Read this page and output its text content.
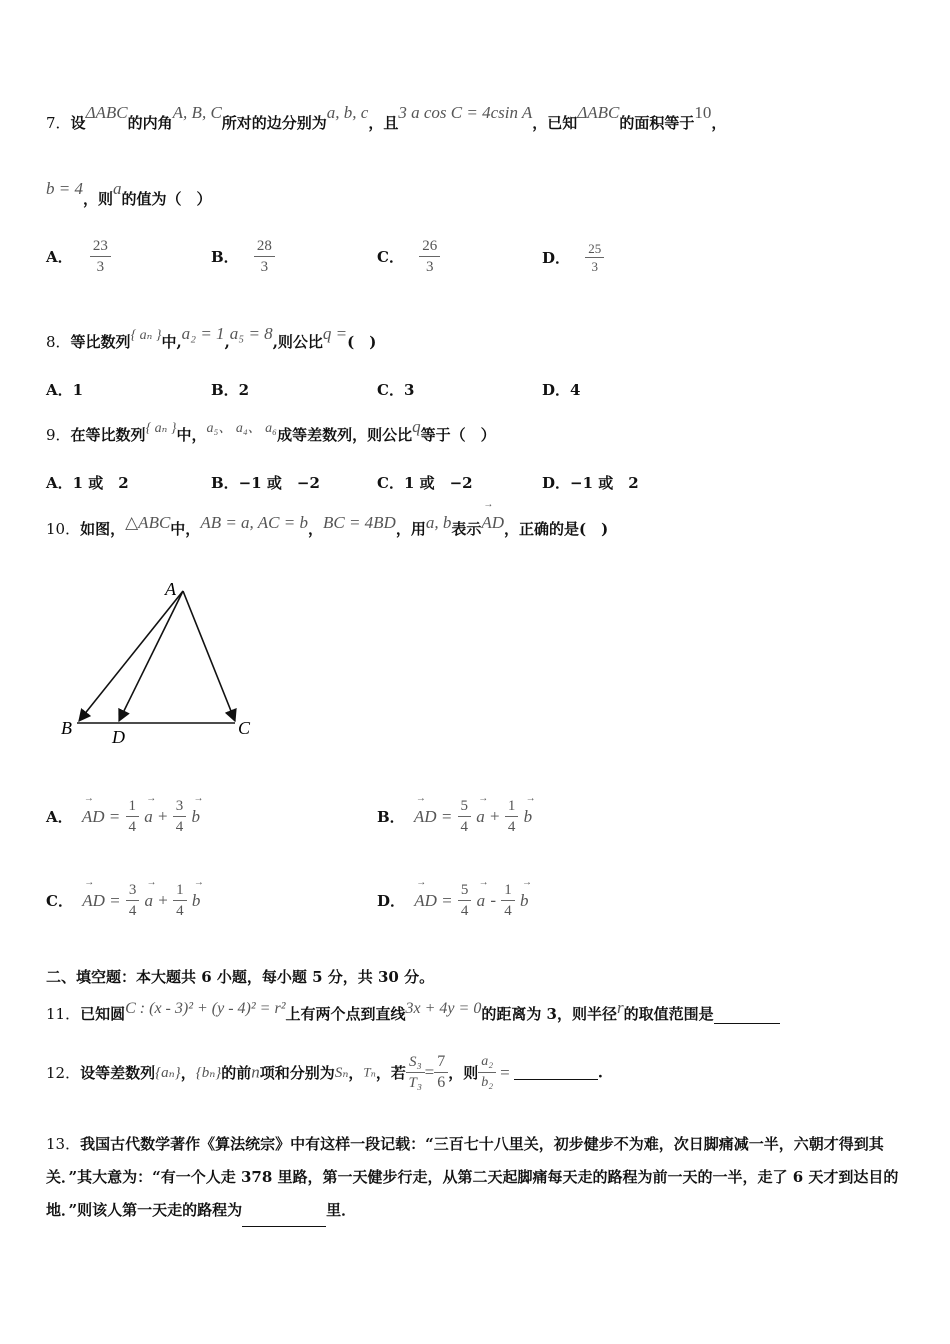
7．设ΔABC的内角A, B, C所对的边分别为a, b, c，且3 a cos C = 4csin A，已知ΔABC的面积等于10，
b = 4，则a的值为（　）
A． $\frac{23}{3}$	B． $\frac{28}{3}$	C． $\frac{26}{3}$	D． $\frac{25}{3}$
8．等比数列{ aₙ }中,a₂ = 1,a₅ = 8,则公比q =(　)
A．1	B．2	C．3	D．4
9．在等比数列{ aₙ }中，a₅、 a₄、 a₆成等差数列，则公比q等于（　）
A．1 或　2	B．−1 或　−2	C．1 或　−2	D．−1 或　2
10．如图，△ABC中，AB = a, AC = b，BC = 4BD，用a, b表示→ AD，正确的是(　)
A
B D	C
A． → AD = $\frac{1}{4}$
→ $a + \frac{3}{4}$
→ b	B． → AD = $\frac{5}{4}$
→ $a + \frac{1}{4}$
→ b
C． → AD = $\frac{3}{4}$
→ $a + \frac{1}{4}$
→ b	D． → AD = $\frac{5}{4}$
→ a - $\frac{1}{4}$
→ b
二、填空题：本大题共 6 小题，每小题 5 分，共 30 分。
11．已知圆C : (x - 3)² + (y - 4)² = r²上有两个点到直线3x + 4y = 0的距离为 3，则半径r的取值范围是
12．设等差数列{aₙ}，{bₙ}的前n项和分别为Sₙ，Tₙ，若 $\frac{\text{S₃}}{\text{T₃}} = \frac{7}{6}$ ，则 $\frac{\text{a₂}}{\text{b₂}}$ =	.
13．我国古代数学著作《算法统宗》中有这样一段记载：“三百七十八里关，初步健步不为难，次日脚痛减一半，六朝才得到其关．”其大意为：“有一个人走 378 里路，第一天健步行走，从第二天起脚痛每天走的路程为前一天的一半，走了 6 天才到达目的地．”则该人第一天走的路程为	里．
